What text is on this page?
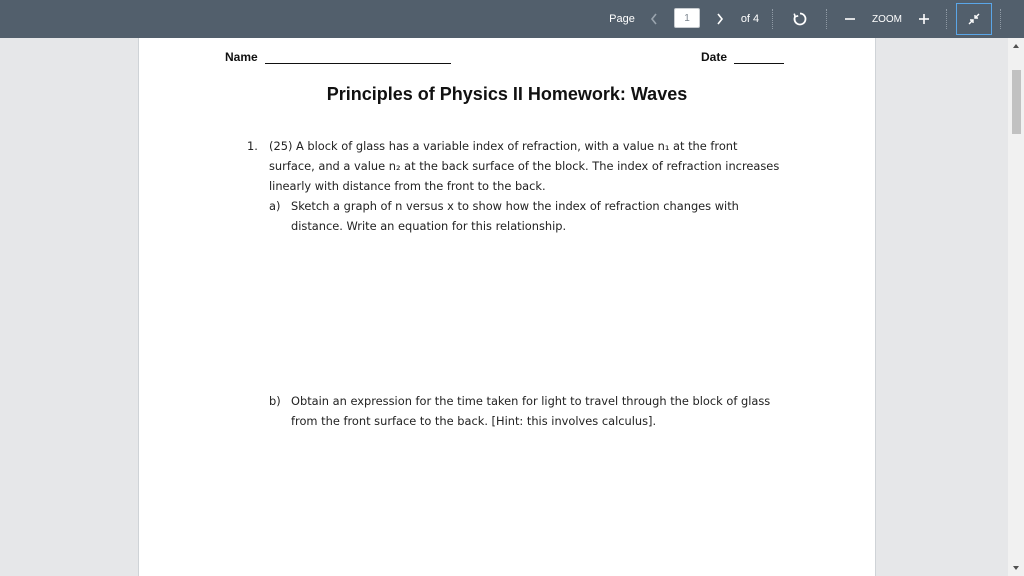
Page
1	of 4	ZOOM
Name	Date
Principles of Physics II Homework: Waves
1. (25) A block of glass has a variable index of refraction, with a value n₁ at the front
surface, and a value n₂ at the back surface of the block. The index of refraction increases
linearly with distance from the front to the back.
a) Sketch a graph of n versus x to show how the index of refraction changes with
distance. Write an equation for this relationship.
b) Obtain an expression for the time taken for light to travel through the block of glass
from the front surface to the back. [Hint: this involves calculus].
